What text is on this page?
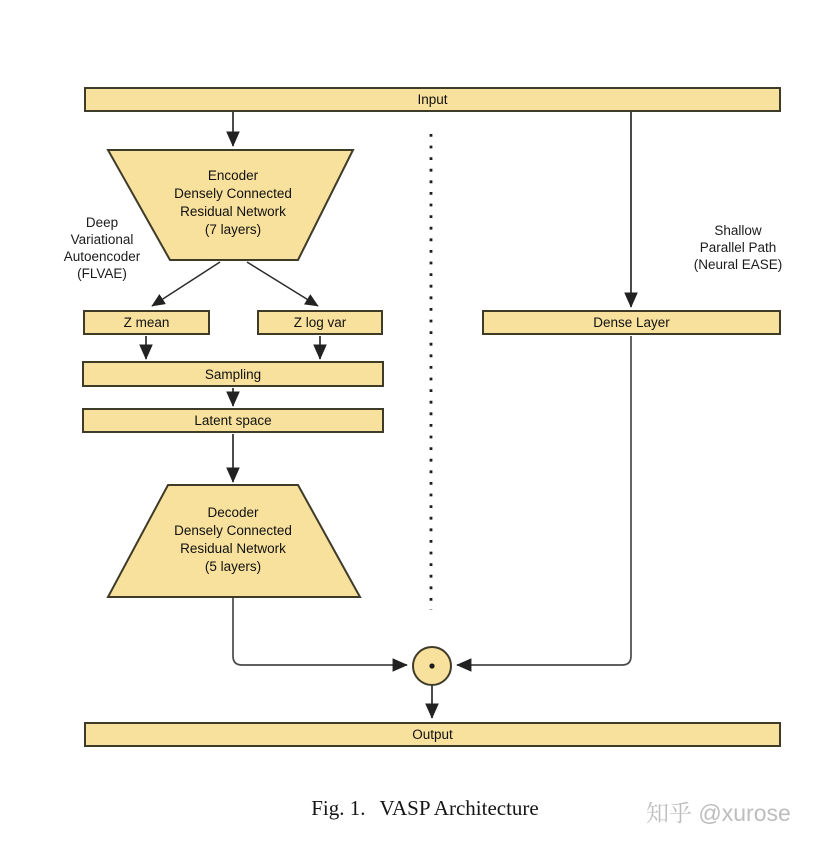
Input
Z mean	Z log var	Dense Layer
Sampling
Latent space
Output
Encoder
Densely Connected
Residual Network
(7 layers)
Decoder
Densely Connected
Residual Network
(5 layers)
Deep
Variational
Autoencoder
(FLVAE)
Shallow
Parallel Path
(Neural EASE)
Fig. 1. VASP Architecture	知乎 @xurose
